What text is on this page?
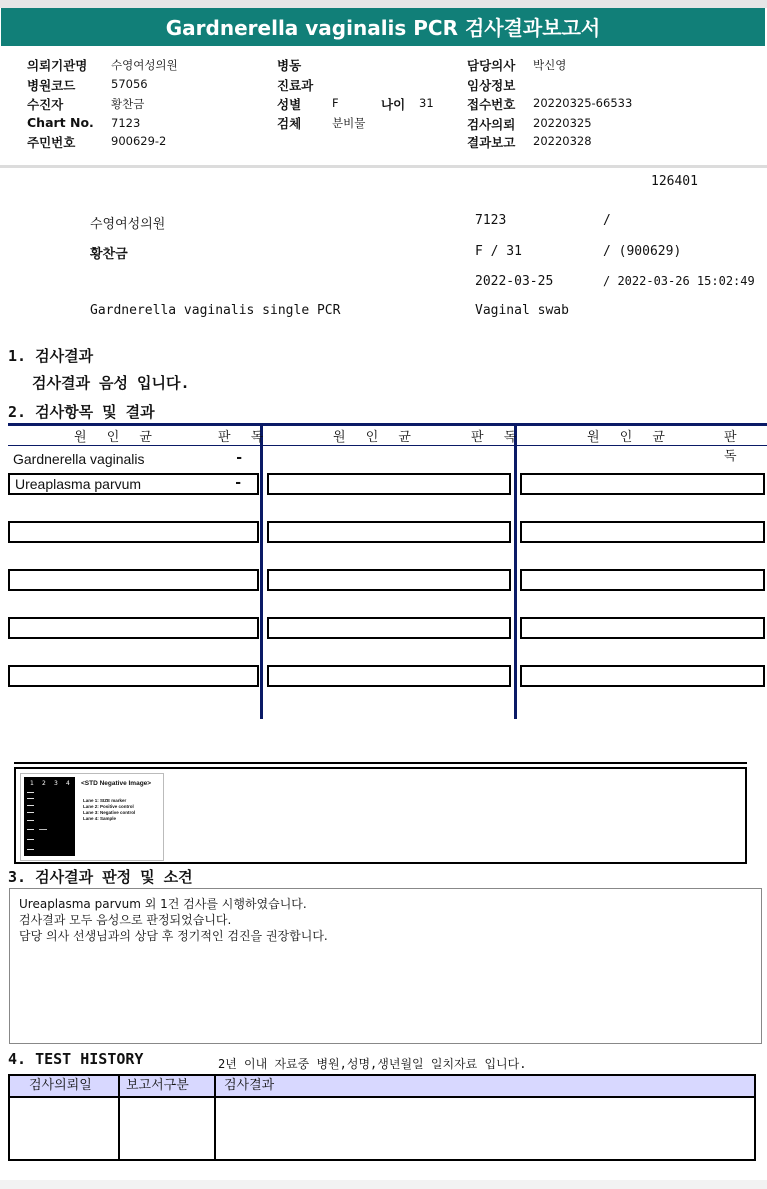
Gardnerella vaginalis PCR 검사결과보고서
의뢰기관명 수영여성의원
병원코드	57056
수진자	황찬금
Chart No. 7123
주민번호	900629-2
병동
진료과
성별	F	나이 31
검체	분비물
담당의사 박신영
임상정보
접수번호 20220325-66533
검사의뢰 20220325
결과보고 20220328
126401
수영여성의원	7123	/
황찬금	F / 31	/ (900629)
2022-03-25	/ 2022-03-26 15:02:49
Gardnerella vaginalis single PCR	Vaginal swab
1. 검사결과
검사결과 음성 입니다.
2. 검사항목 및 결과
원 인 균	판 독	원 인 균	판 독	원 인 균	판 독
Gardnerella vaginalis	-
Ureaplasma parvum	-
1 2 3 4 <STD Negative Image>
Lane 1: SIZE marker
Lane 2: Positive control
Lane 3: Negative control
Lane 4: Sample
3. 검사결과 판정 및 소견
Ureaplasma parvum 외 1건 검사를 시행하였습니다.
검사결과 모두 음성으로 판정되었습니다.
담당 의사 선생님과의 상담 후 정기적인 검진을 권장합니다.
4. TEST HISTORY	2년 이내 자료중 병원,성명,생년월일 일치자료 입니다.
검사의뢰일	보고서구분	검사결과
